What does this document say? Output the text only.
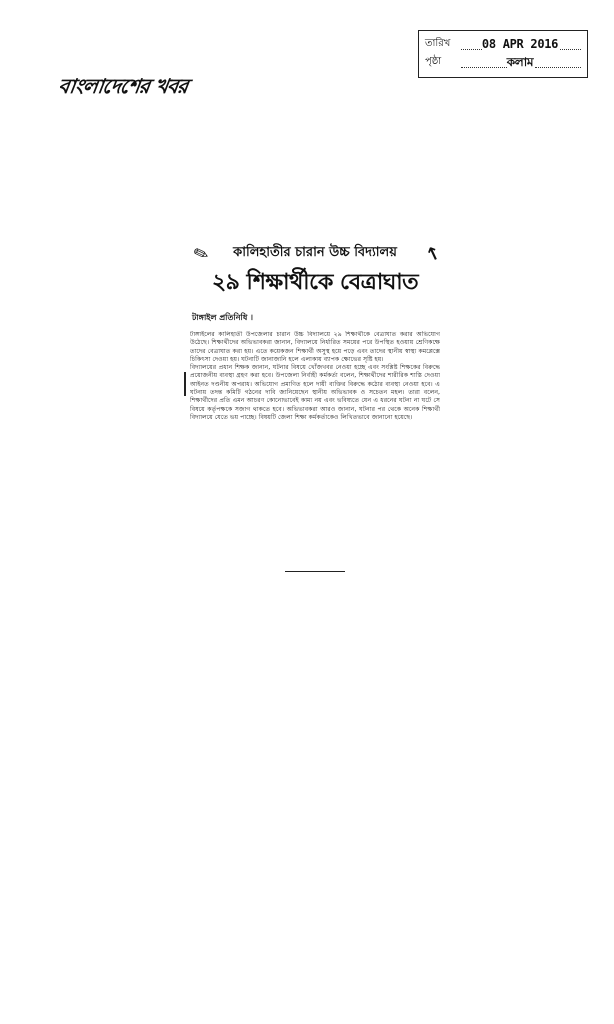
তারিখ	08 APR 2016
পৃষ্ঠা	কলাম
বাংলাদেশের খবর
✎ কালিহাতীর চারান উচ্চ বিদ্যালয় ↖
২৯ শিক্ষার্থীকে বেত্রাঘাত
টাঙ্গাইল প্রতিনিধি ।

টাঙ্গাইলের কালিহাতী উপজেলার চারান উচ্চ বিদ্যালয়ে ২৯ শিক্ষার্থীকে বেত্রাঘাত করার অভিযোগ উঠেছে। শিক্ষার্থীদের অভিভাবকরা জানান, বিদ্যালয়ে নির্ধারিত সময়ের পরে উপস্থিত হওয়ায় শ্রেণিকক্ষে তাদের বেত্রাঘাত করা হয়। এতে কয়েকজন শিক্ষার্থী অসুস্থ হয়ে পড়ে এবং তাদের স্থানীয় স্বাস্থ্য কমপ্লেক্সে চিকিৎসা দেওয়া হয়। ঘটনাটি জানাজানি হলে এলাকায় ব্যাপক ক্ষোভের সৃষ্টি হয়।

বিদ্যালয়ের প্রধান শিক্ষক জানান, ঘটনার বিষয়ে খোঁজখবর নেওয়া হচ্ছে এবং সংশ্লিষ্ট শিক্ষকের বিরুদ্ধে প্রয়োজনীয় ব্যবস্থা গ্রহণ করা হবে। উপজেলা নির্বাহী কর্মকর্তা বলেন, শিক্ষার্থীদের শারীরিক শাস্তি দেওয়া আইনত দণ্ডনীয় অপরাধ। অভিযোগ প্রমাণিত হলে দায়ী ব্যক্তির বিরুদ্ধে কঠোর ব্যবস্থা নেওয়া হবে। এ ঘটনায় তদন্ত কমিটি গঠনের দাবি জানিয়েছেন স্থানীয় অভিভাবক ও সচেতন মহল। তারা বলেন, শিক্ষার্থীদের প্রতি এমন আচরণ কোনোভাবেই কাম্য নয় এবং ভবিষ্যতে যেন এ ধরনের ঘটনা না ঘটে সে বিষয়ে কর্তৃপক্ষকে সজাগ থাকতে হবে। অভিভাবকরা আরও জানান, ঘটনার পর থেকে অনেক শিক্ষার্থী বিদ্যালয়ে যেতে ভয় পাচ্ছে। বিষয়টি জেলা শিক্ষা কর্মকর্তাকেও লিখিতভাবে জানানো হয়েছে।
